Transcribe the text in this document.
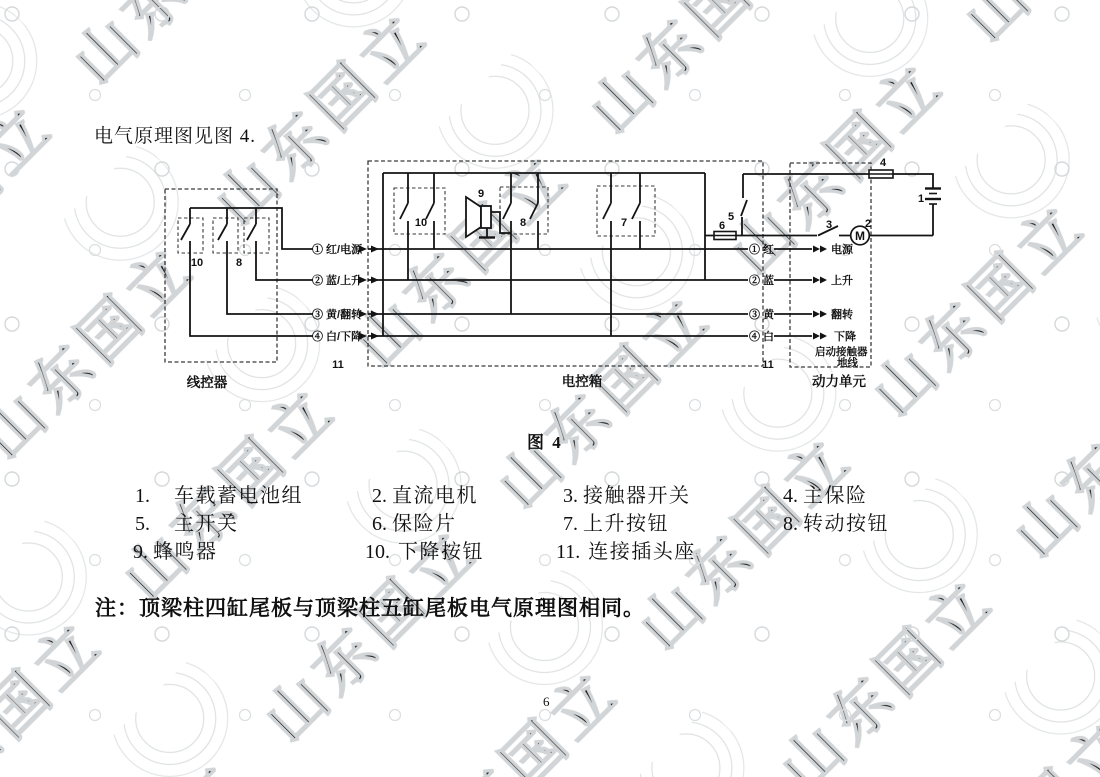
电气原理图见图 4.
10	8
10	8	7
9
5
6	3	2
4
1
M
11	11
① 红/电源
② 蓝/上升
③ 黄/翻转
④ 白/下降
① 红
② 蓝
③ 黄
④ 白
电源
上升
翻转
下降
启动接触器
地线
线控器	电控箱	动力单元
图 4
1. 车载蓄电池组	2. 直流电机	3. 接触器开关	4. 主保险
5. 主开关	6. 保险片	7. 上升按钮	8. 转动按钮
9. 蜂鸣器	10. 下降按钮	11. 连接插头座
注：顶梁柱四缸尾板与顶梁柱五缸尾板电气原理图相同。
6
